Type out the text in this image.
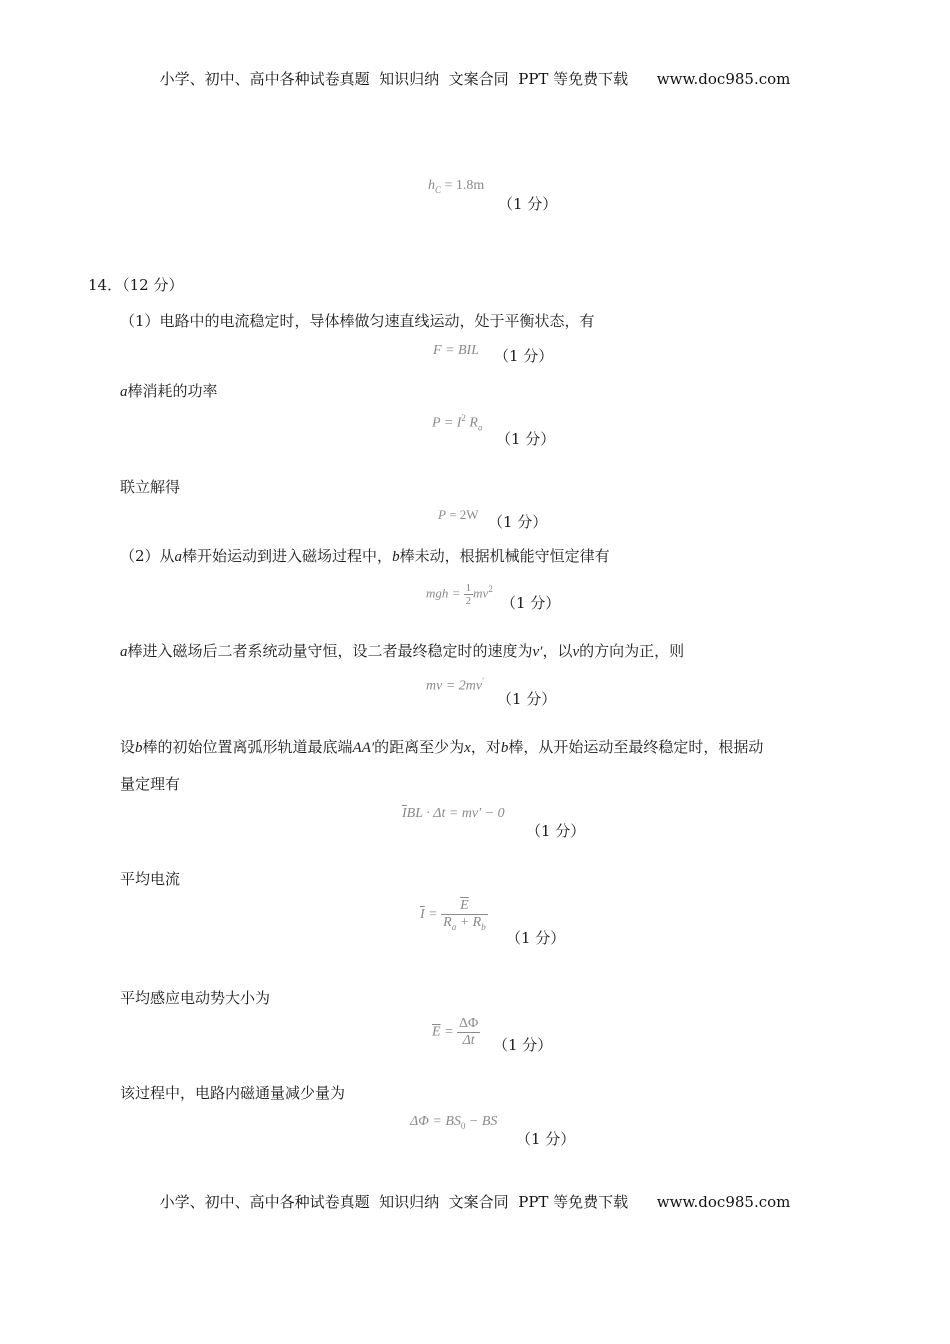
小学、初中、高中各种试卷真题  知识归纳  文案合同  PPT 等免费下载      www.doc985.com
$h_C = 1.8m$
（1 分）
14．（12 分）
（1）电路中的电流稳定时，导体棒做匀速直线运动，处于平衡状态，有
F = BIL （1 分）
a棒消耗的功率
$P = I^2$ $R_a$
（1 分）
联立解得
P = 2W （1 分）
（2）从a棒开始运动到进入磁场过程中，b棒未动，根据机械能守恒定律有
mgh = $\frac{1}{2} mv^2$
（1 分）
a棒进入磁场后二者系统动量守恒，设二者最终稳定时的速度为v′，以v的方向为正，则
mv = 2mv′
（1 分）
设b棒的初始位置离弧形轨道最底端AA′的距离至少为x，对b棒，从开始运动至最终稳定时，根据动
量定理有
$\overline{I}BL \cdot \Delta t = mv' - 0$
（1 分）
平均电流
$\overline{I} = \frac{\overline{E}}{R_a + R_b}$
（1 分）
平均感应电动势大小为
$\overline{E} = \frac{\Delta\Phi}{\Delta t} (1$ 分）
该过程中，电路内磁通量减少量为
$\Delta\Phi = BS_0$ − BS
（1 分）
小学、初中、高中各种试卷真题  知识归纳  文案合同  PPT 等免费下载      www.doc985.com
